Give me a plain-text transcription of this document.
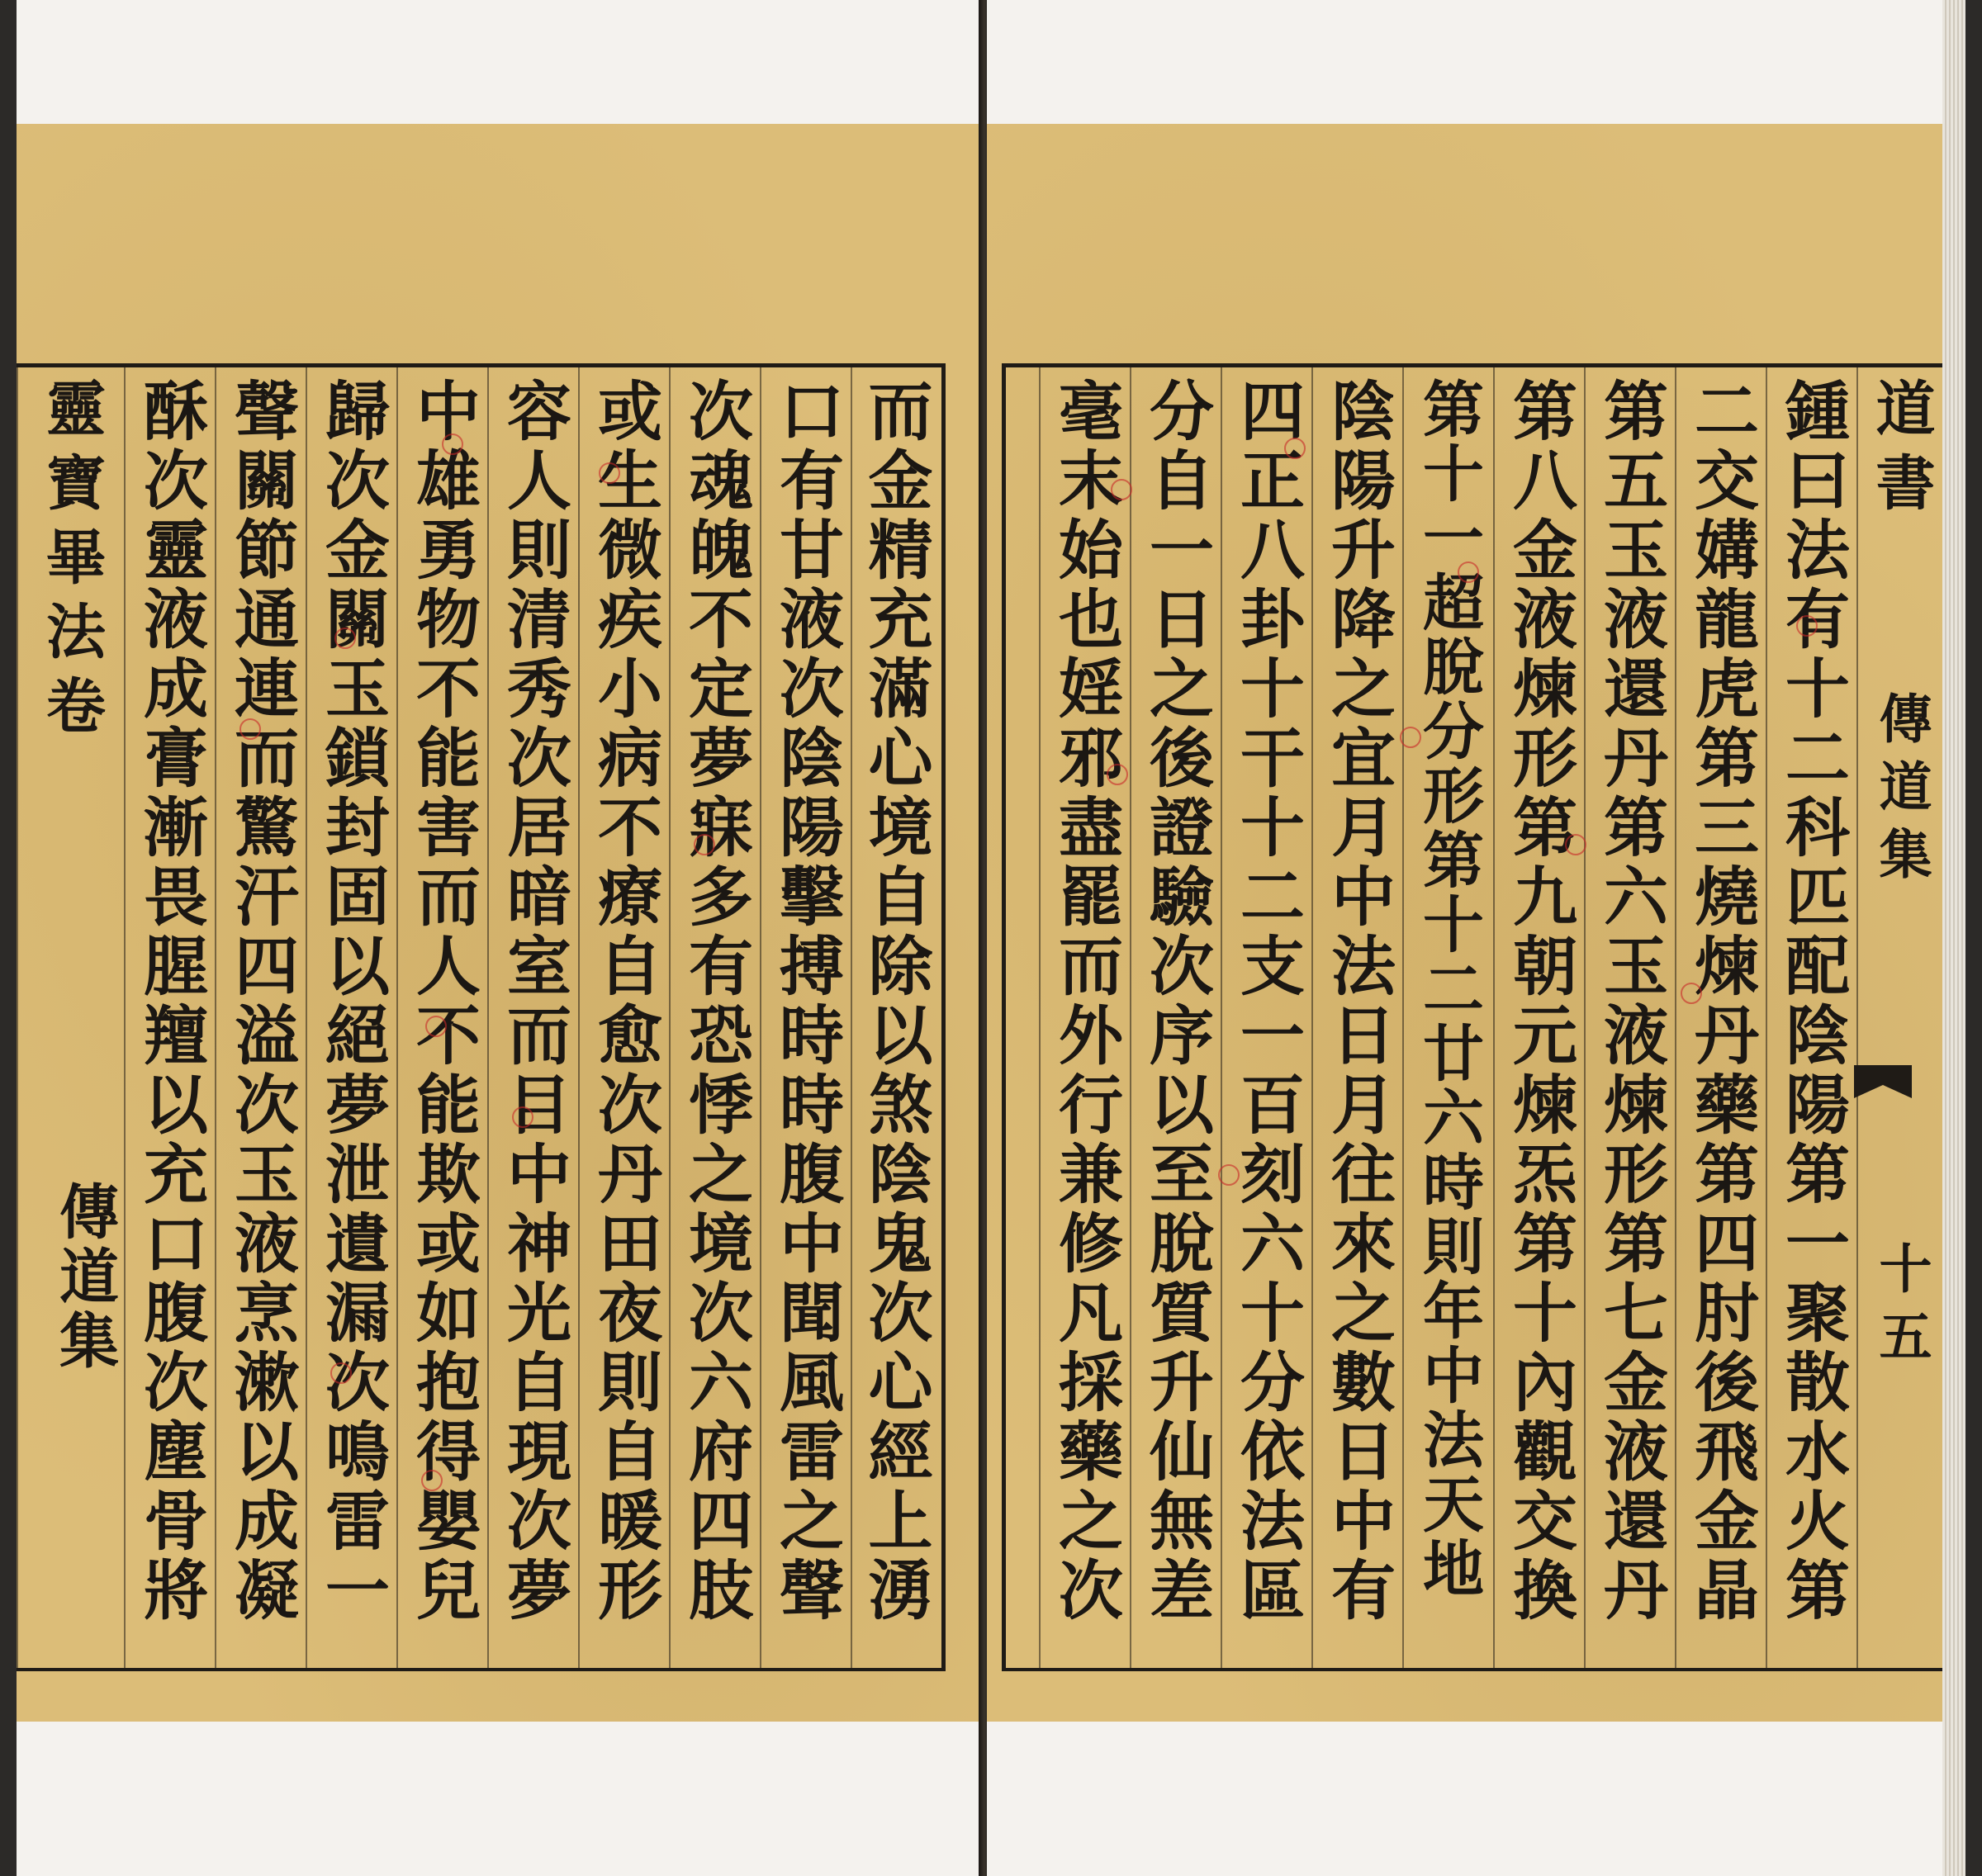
而金精充滿心境自除以煞
陰鬼次心經上湧
口有甘液次陰陽擊搏時時
腹中聞風雷之聲
次魂魄不定夢寐多有恐悸
之境次六府四肢
或生微疾小病不療自愈次
丹田夜則自暖形
容人則清秀次居暗室而目
中神光自現次夢
中雄勇物不能害而人不能
欺或如抱得嬰兒
歸次金關玉鎖封固以絕夢
泄遺漏次鳴雷一
聲關節通連而驚汗四溢次
玉液烹漱以成凝
酥次靈液成膏漸畏腥羶以
充口腹次塵骨將
靈寶畢法卷	道書
傳道集
十五
鍾曰法有十二科匹配陰陽第一聚散水火第
二交媾龍虎第三燒煉丹藥第四肘後飛金晶
第五玉液還丹第六玉液煉形第七金液還丹
第八金液煉形第九朝元煉炁第十內觀交換
第十一超脫分形第十二廿六時則年中法天地
陰陽升降之宜月中法日月往來之數日中有
四正八卦十干十二支一百刻六十分依法區
分自一日之後證驗次序以至脫質升仙無差
毫末始也婬邪盡罷而外行兼修凡採藥之次
傳道集
